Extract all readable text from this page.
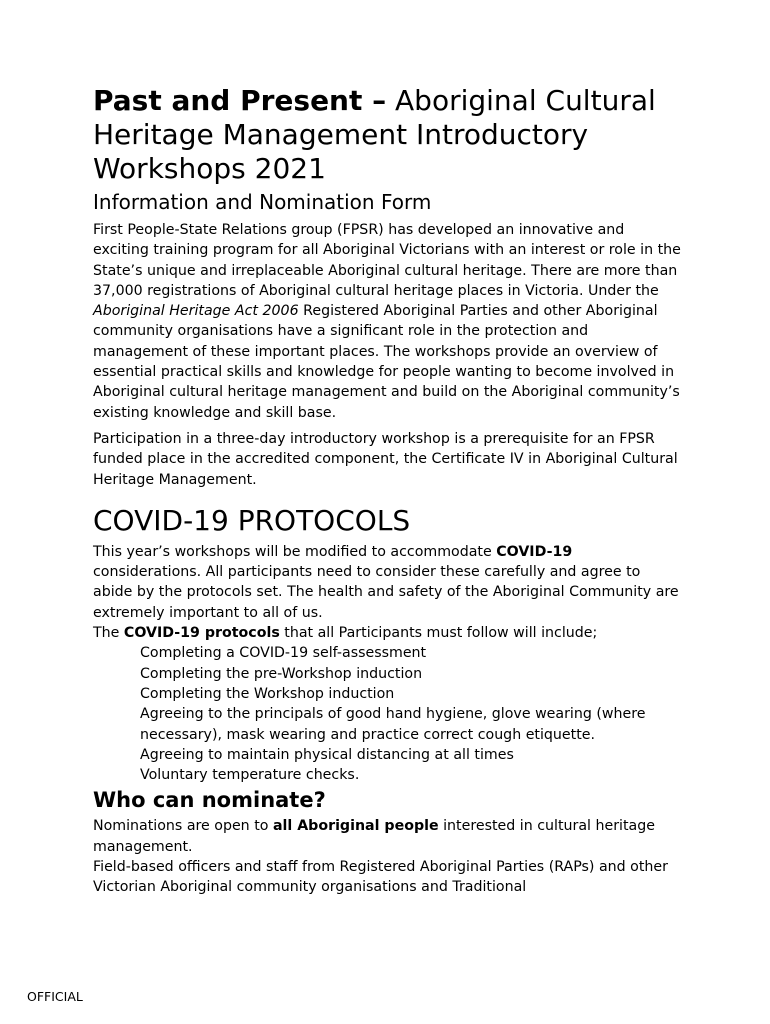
Past and Present – Aboriginal Cultural Heritage Management Introductory Workshops 2021
Information and Nomination Form

First People-State Relations group (FPSR) has developed an innovative and exciting training program for all Aboriginal Victorians with an interest or role in the State’s unique and irreplaceable Aboriginal cultural heritage. There are more than 37,000 registrations of Aboriginal cultural heritage places in Victoria. Under the Aboriginal Heritage Act 2006 Registered Aboriginal Parties and other Aboriginal community organisations have a significant role in the protection and management of these important places. The workshops provide an overview of essential practical skills and knowledge for people wanting to become involved in Aboriginal cultural heritage management and build on the Aboriginal community’s existing knowledge and skill base.

Participation in a three-day introductory workshop is a prerequisite for an FPSR funded place in the accredited component, the Certificate IV in Aboriginal Cultural Heritage Management.

COVID-19 PROTOCOLS

This year’s workshops will be modified to accommodate COVID-19 considerations. All participants need to consider these carefully and agree to abide by the protocols set. The health and safety of the Aboriginal Community are extremely important to all of us.

The COVID-19 protocols that all Participants must follow will include;

Completing a COVID-19 self-assessment
Completing the pre-Workshop induction
Completing the Workshop induction
Agreeing to the principals of good hand hygiene, glove wearing (where necessary), mask wearing and practice correct cough etiquette.
Agreeing to maintain physical distancing at all times
Voluntary temperature checks.
Who can nominate?

Nominations are open to all Aboriginal people interested in cultural heritage management.

Field-based officers and staff from Registered Aboriginal Parties (RAPs) and other Victorian Aboriginal community organisations and Traditional

OFFICIAL
